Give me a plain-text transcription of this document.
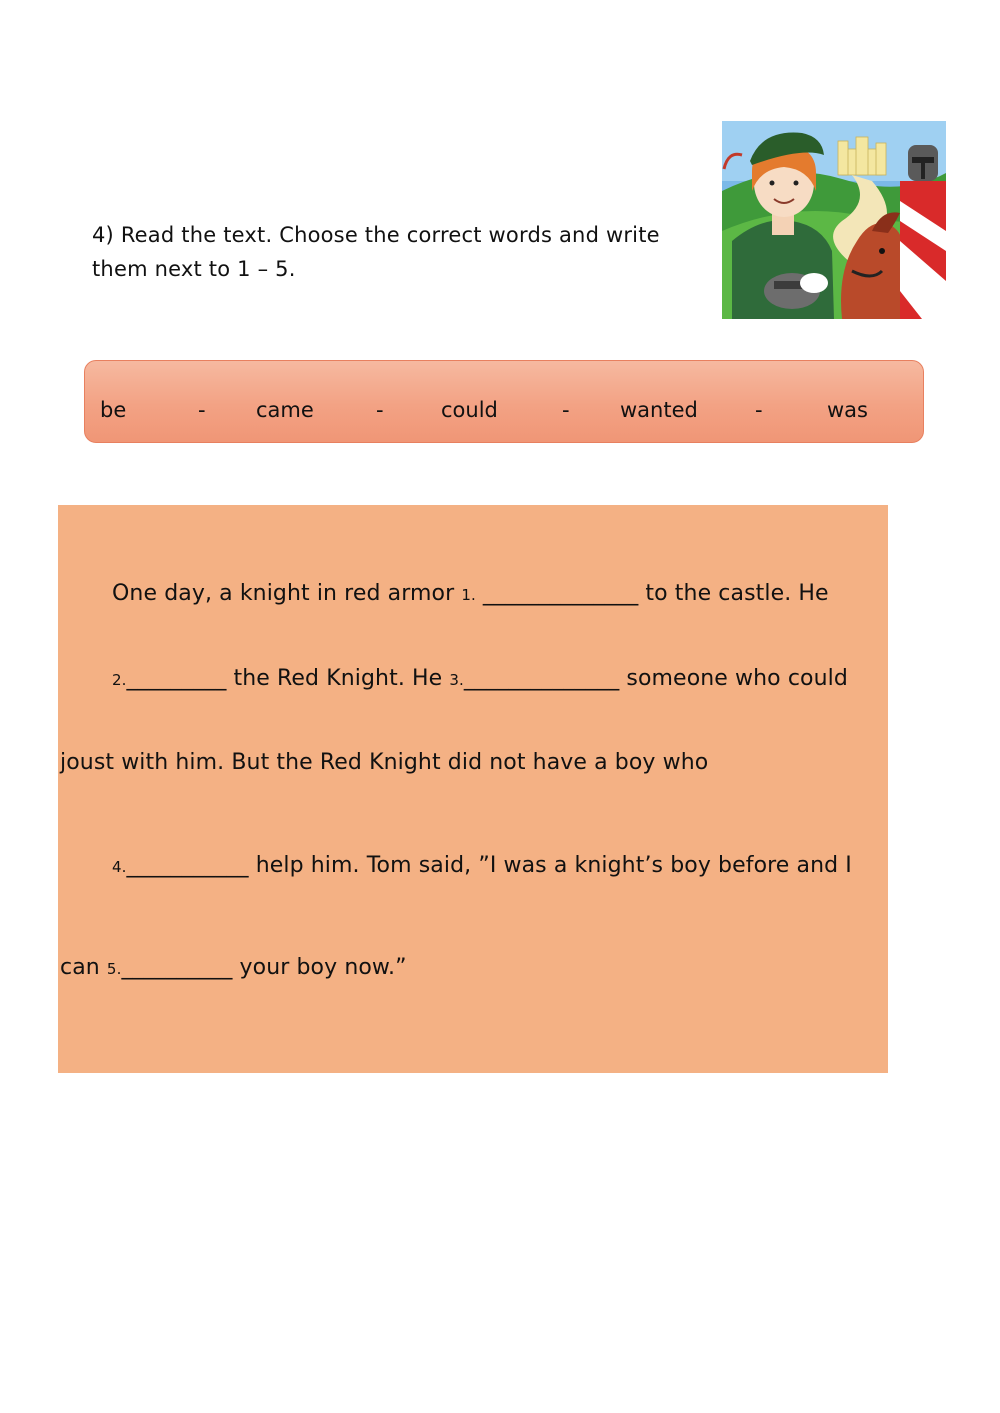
4) Read the text. Choose the correct words and write
them next to 1 – 5.
be	- came	-	could	- wanted	-	was
One day, a knight in red armor 1. ______________ to the castle. He
2._________ the Red Knight. He 3.______________ someone who could
joust with him. But the Red Knight did not have a boy who
4.___________ help him. Tom said, ”I was a knight’s boy before and I
can 5.__________ your boy now.”
